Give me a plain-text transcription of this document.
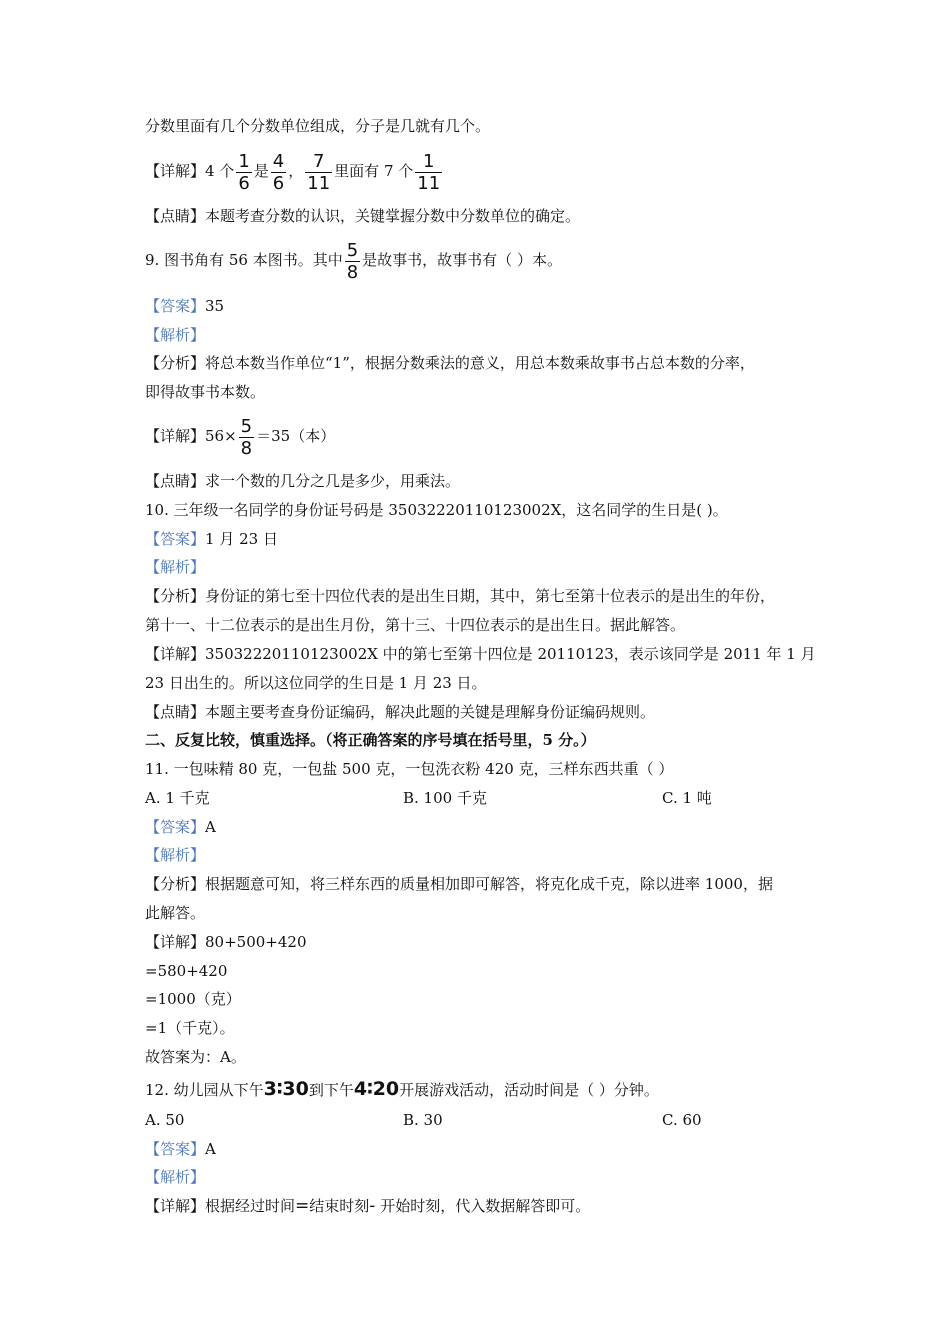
分数里面有几个分数单位组成，分子是几就有几个。
【详解】4 个 $\frac{1}{6}$ 是 $\frac{4}{6}$ ， $\frac{7}{11}$ 里面有 7 个 $\frac{1}{11}$
【点睛】本题考查分数的认识，关键掌握分数中分数单位的确定。
9. 图书角有 56 本图书。其中 $\frac{5}{8}$ 是故事书，故事书有（ ）本。
【答案】35
【解析】
【分析】将总本数当作单位“1”，根据分数乘法的意义，用总本数乘故事书占总本数的分率，
即得故事书本数。
【详解】$56\times \frac{5}{8} =35$（本）
【点睛】求一个数的几分之几是多少，用乘法。
10. 三年级一名同学的身份证号码是 35032220110123002X，这名同学的生日是( )。
【答案】1 月 23 日
【解析】
【分析】身份证的第七至十四位代表的是出生日期，其中，第七至第十位表示的是出生的年份，
第十一、十二位表示的是出生月份，第十三、十四位表示的是出生日。据此解答。
【详解】35032220110123002X 中的第七至第十四位是 20110123，表示该同学是 2011 年 1 月
23 日出生的。所以这位同学的生日是 1 月 23 日。
【点睛】本题主要考查身份证编码，解决此题的关键是理解身份证编码规则。
二、反复比较，慎重选择。（将正确答案的序号填在括号里，5 分。）
11. 一包味精 80 克，一包盐 500 克，一包洗衣粉 420 克，三样东西共重（ ）
A. 1 千克	B. 100 千克	C. 1 吨
【答案】A
【解析】
【分析】根据题意可知，将三样东西的质量相加即可解答，将克化成千克，除以进率 1000，据
此解答。
【详解】80+500+420
=580+420
=1000（克）
=1（千克）。
故答案为：A。
12. 幼儿园从下午3∶30到下午4∶20开展游戏活动，活动时间是（ ）分钟。
A. 50	B. 30	C. 60
【答案】A
【解析】
【详解】根据经过时间=结束时刻- 开始时刻，代入数据解答即可。
